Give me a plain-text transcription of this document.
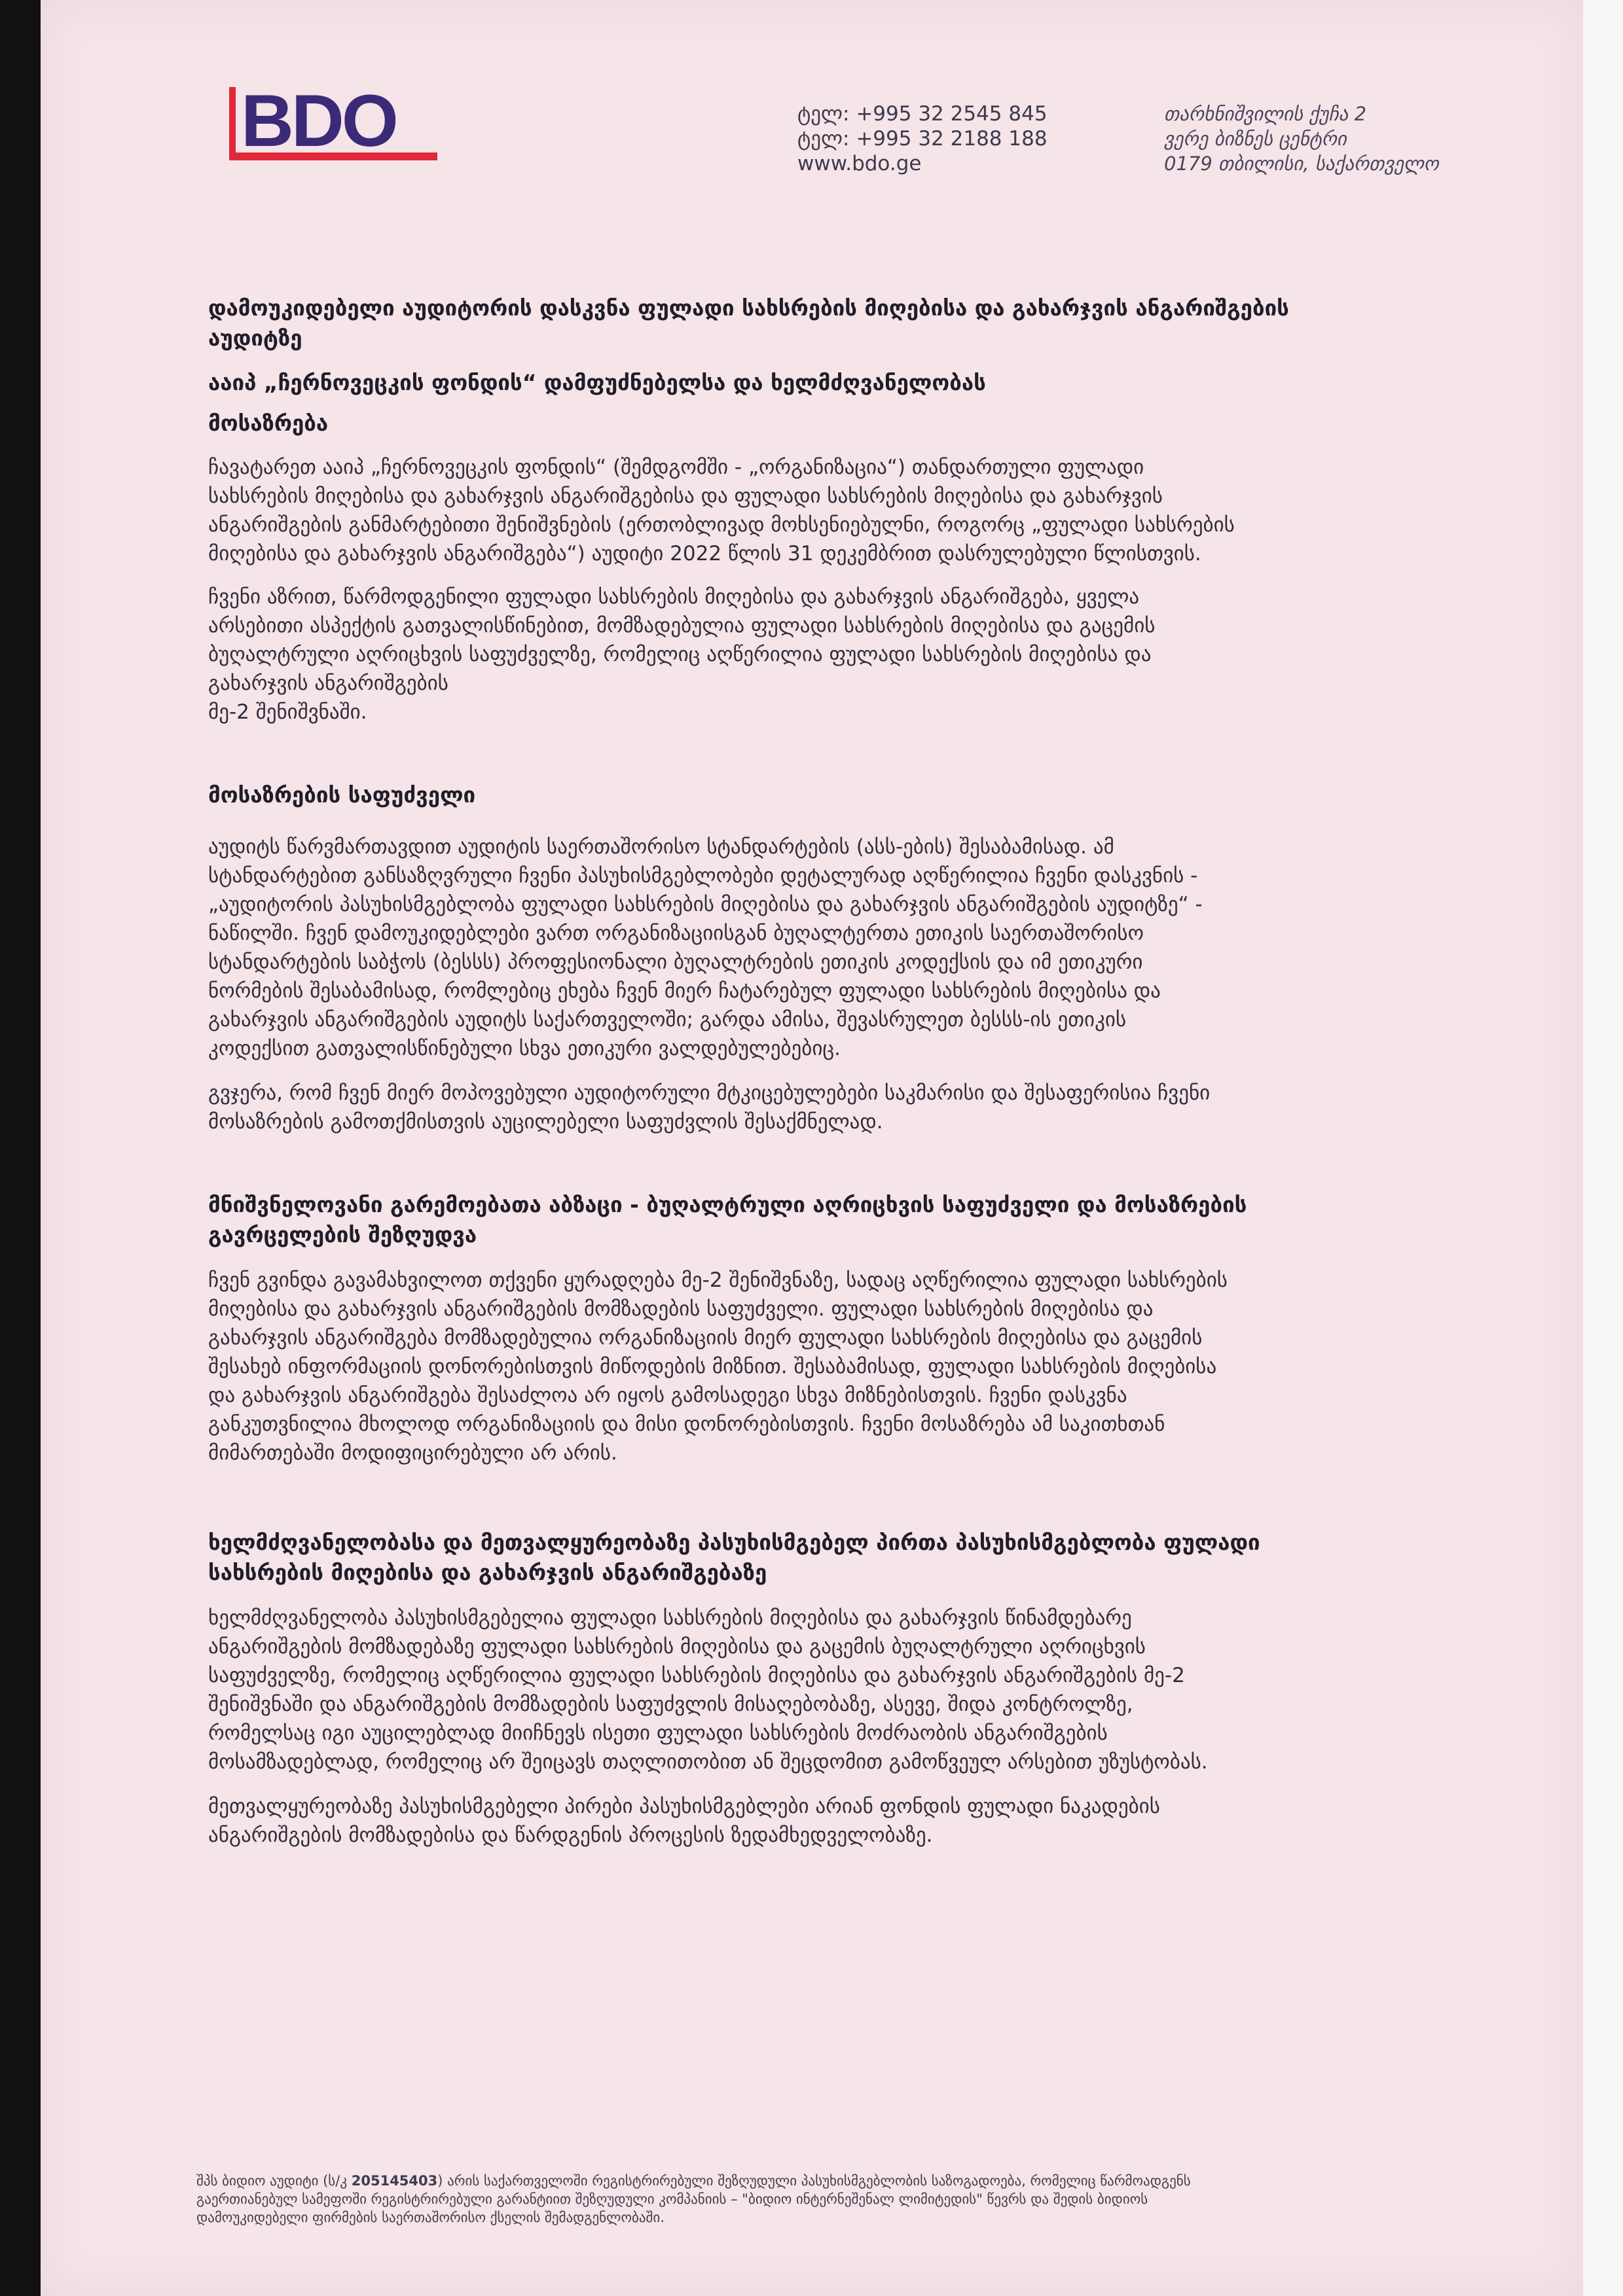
BDO	ტელ: +995 32 2545 845
ტელ: +995 32 2188 188
www.bdo.ge
თარხნიშვილის ქუჩა 2
ვერე ბიზნეს ცენტრი
0179 თბილისი, საქართველო

დამოუკიდებელი აუდიტორის დასკვნა ფულადი სახსრების მიღებისა და გახარჯვის ანგარიშგების

აუდიტზე

ააიპ „ჩერნოვეცკის ფონდის“ დამფუძნებელსა და ხელმძღვანელობას

მოსაზრება

ჩავატარეთ ააიპ „ჩერნოვეცკის ფონდის“ (შემდგომში - „ორგანიზაცია“) თანდართული ფულადი

სახსრების მიღებისა და გახარჯვის ანგარიშგებისა და ფულადი სახსრების მიღებისა და გახარჯვის

ანგარიშგების განმარტებითი შენიშვნების (ერთობლივად მოხსენიებულნი, როგორც „ფულადი სახსრების

მიღებისა და გახარჯვის ანგარიშგება“) აუდიტი 2022 წლის 31 დეკემბრით დასრულებული წლისთვის.

ჩვენი აზრით, წარმოდგენილი ფულადი სახსრების მიღებისა და გახარჯვის ანგარიშგება, ყველა

არსებითი ასპექტის გათვალისწინებით, მომზადებულია ფულადი სახსრების მიღებისა და გაცემის

ბუღალტრული აღრიცხვის საფუძველზე, რომელიც აღწერილია ფულადი სახსრების მიღებისა და

გახარჯვის ანგარიშგების

მე-2 შენიშვნაში.

მოსაზრების საფუძველი

აუდიტს წარვმართავდით აუდიტის საერთაშორისო სტანდარტების (ასს-ების) შესაბამისად. ამ

სტანდარტებით განსაზღვრული ჩვენი პასუხისმგებლობები დეტალურად აღწერილია ჩვენი დასკვნის -

„აუდიტორის პასუხისმგებლობა ფულადი სახსრების მიღებისა და გახარჯვის ანგარიშგების აუდიტზე“ -

ნაწილში. ჩვენ დამოუკიდებლები ვართ ორგანიზაციისგან ბუღალტერთა ეთიკის საერთაშორისო

სტანდარტების საბჭოს (ბესსს) პროფესიონალი ბუღალტრების ეთიკის კოდექსის და იმ ეთიკური

ნორმების შესაბამისად, რომლებიც ეხება ჩვენ მიერ ჩატარებულ ფულადი სახსრების მიღებისა და

გახარჯვის ანგარიშგების აუდიტს საქართველოში; გარდა ამისა, შევასრულეთ ბესსს-ის ეთიკის

კოდექსით გათვალისწინებული სხვა ეთიკური ვალდებულებებიც.

გვჯერა, რომ ჩვენ მიერ მოპოვებული აუდიტორული მტკიცებულებები საკმარისი და შესაფერისია ჩვენი

მოსაზრების გამოთქმისთვის აუცილებელი საფუძვლის შესაქმნელად.

მნიშვნელოვანი გარემოებათა აბზაცი - ბუღალტრული აღრიცხვის საფუძველი და მოსაზრების

გავრცელების შეზღუდვა

ჩვენ გვინდა გავამახვილოთ თქვენი ყურადღება მე-2 შენიშვნაზე, სადაც აღწერილია ფულადი სახსრების

მიღებისა და გახარჯვის ანგარიშგების მომზადების საფუძველი. ფულადი სახსრების მიღებისა და

გახარჯვის ანგარიშგება მომზადებულია ორგანიზაციის მიერ ფულადი სახსრების მიღებისა და გაცემის

შესახებ ინფორმაციის დონორებისთვის მიწოდების მიზნით. შესაბამისად, ფულადი სახსრების მიღებისა

და გახარჯვის ანგარიშგება შესაძლოა არ იყოს გამოსადეგი სხვა მიზნებისთვის. ჩვენი დასკვნა

განკუთვნილია მხოლოდ ორგანიზაციის და მისი დონორებისთვის. ჩვენი მოსაზრება ამ საკითხთან

მიმართებაში მოდიფიცირებული არ არის.

ხელმძღვანელობასა და მეთვალყურეობაზე პასუხისმგებელ პირთა პასუხისმგებლობა ფულადი

სახსრების მიღებისა და გახარჯვის ანგარიშგებაზე

ხელმძღვანელობა პასუხისმგებელია ფულადი სახსრების მიღებისა და გახარჯვის წინამდებარე

ანგარიშგების მომზადებაზე ფულადი სახსრების მიღებისა და გაცემის ბუღალტრული აღრიცხვის

საფუძველზე, რომელიც აღწერილია ფულადი სახსრების მიღებისა და გახარჯვის ანგარიშგების მე-2

შენიშვნაში და ანგარიშგების მომზადების საფუძვლის მისაღებობაზე, ასევე, შიდა კონტროლზე,

რომელსაც იგი აუცილებლად მიიჩნევს ისეთი ფულადი სახსრების მოძრაობის ანგარიშგების

მოსამზადებლად, რომელიც არ შეიცავს თაღლითობით ან შეცდომით გამოწვეულ არსებით უზუსტობას.

მეთვალყურეობაზე პასუხისმგებელი პირები პასუხისმგებლები არიან ფონდის ფულადი ნაკადების

ანგარიშგების მომზადებისა და წარდგენის პროცესის ზედამხედველობაზე.

შპს ბიდიო აუდიტი (ს/კ 205145403) არის საქართველოში რეგისტრირებული შეზღუდული პასუხისმგებლობის საზოგადოება, რომელიც წარმოადგენს
გაერთიანებულ სამეფოში რეგისტრირებული გარანტიით შეზღუდული კომპანიის – "ბიდიო ინტერნეშენალ ლიმიტედის" წევრს და შედის ბიდიოს
დამოუკიდებელი ფირმების საერთაშორისო ქსელის შემადგენლობაში.
